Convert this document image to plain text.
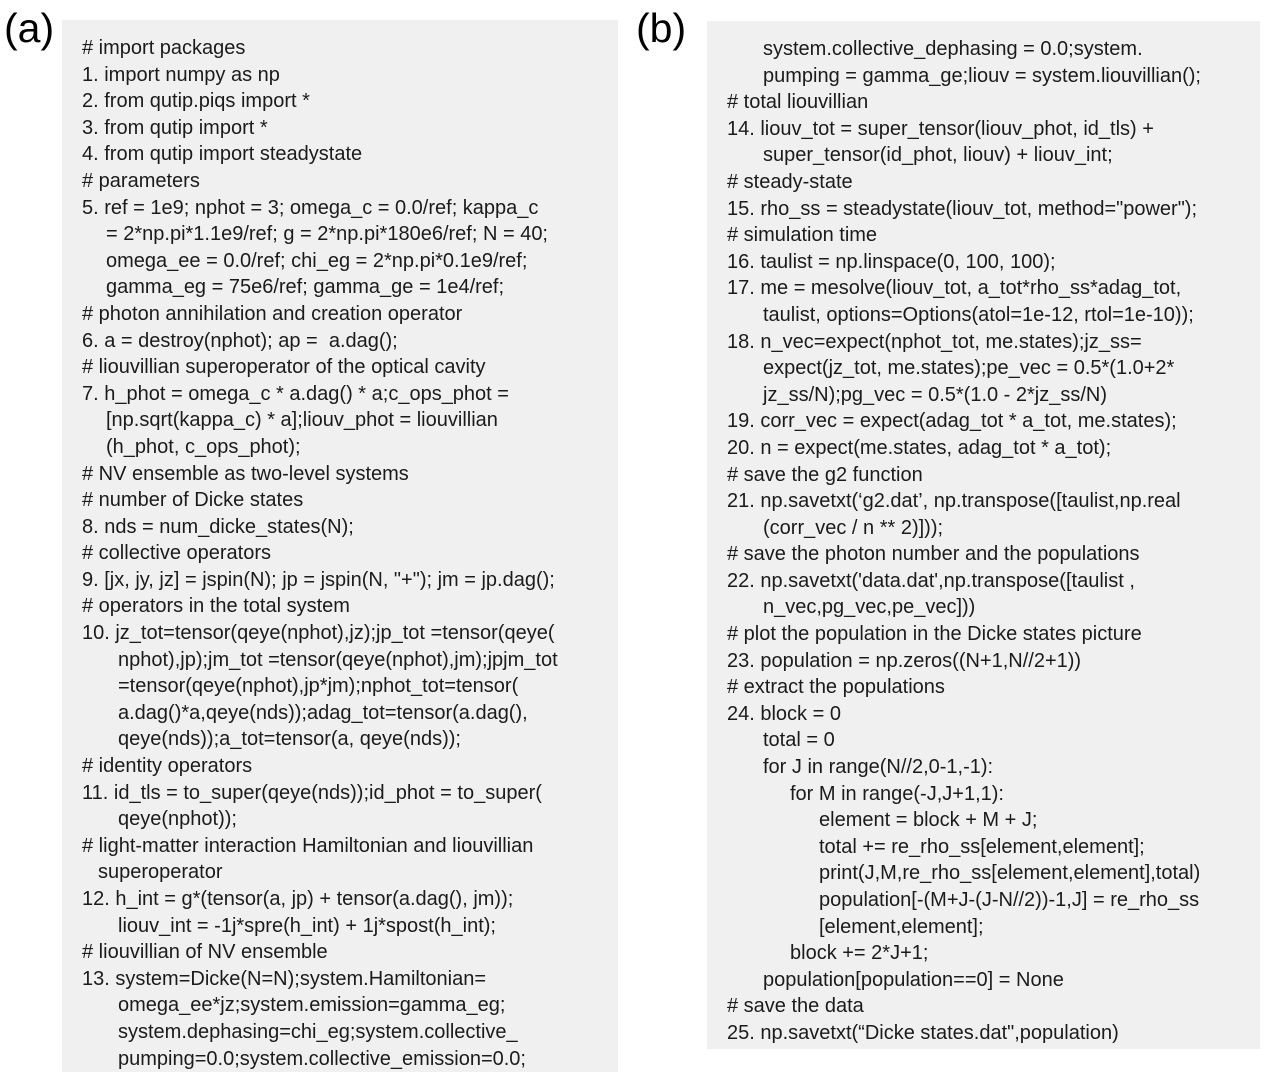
(a) # import packages
1. import numpy as np
2. from qutip.piqs import *
3. from qutip import *
4. from qutip import steadystate
# parameters
5. ref = 1e9; nphot = 3; omega_c = 0.0/ref; kappa_c
= 2*np.pi*1.1e9/ref; g = 2*np.pi*180e6/ref; N = 40;
omega_ee = 0.0/ref; chi_eg = 2*np.pi*0.1e9/ref;
gamma_eg = 75e6/ref; gamma_ge = 1e4/ref;
# photon annihilation and creation operator
6. a = destroy(nphot); ap =  a.dag();
# liouvillian superoperator of the optical cavity
7. h_phot = omega_c * a.dag() * a;c_ops_phot =
[np.sqrt(kappa_c) * a];liouv_phot = liouvillian
(h_phot, c_ops_phot);
# NV ensemble as two-level systems
# number of Dicke states
8. nds = num_dicke_states(N);
# collective operators
9. [jx, jy, jz] = jspin(N); jp = jspin(N, "+"); jm = jp.dag();
# operators in the total system
10. jz_tot=tensor(qeye(nphot),jz);jp_tot =tensor(qeye(
nphot),jp);jm_tot =tensor(qeye(nphot),jm);jpjm_tot
=tensor(qeye(nphot),jp*jm);nphot_tot=tensor(
a.dag()*a,qeye(nds));adag_tot=tensor(a.dag(),
qeye(nds));a_tot=tensor(a, qeye(nds));
# identity operators
11. id_tls = to_super(qeye(nds));id_phot = to_super(
qeye(nphot));
# light-matter interaction Hamiltonian and liouvillian
superoperator
12. h_int = g*(tensor(a, jp) + tensor(a.dag(), jm));
liouv_int = -1j*spre(h_int) + 1j*spost(h_int);
# liouvillian of NV ensemble
13. system=Dicke(N=N);system.Hamiltonian=
omega_ee*jz;system.emission=gamma_eg;
system.dephasing=chi_eg;system.collective_
pumping=0.0;system.collective_emission=0.0;
(b)	system.collective_dephasing = 0.0;system.
pumping = gamma_ge;liouv = system.liouvillian();
# total liouvillian
14. liouv_tot = super_tensor(liouv_phot, id_tls) +
super_tensor(id_phot, liouv) + liouv_int;
# steady-state
15. rho_ss = steadystate(liouv_tot, method="power");
# simulation time
16. taulist = np.linspace(0, 100, 100);
17. me = mesolve(liouv_tot, a_tot*rho_ss*adag_tot,
taulist, options=Options(atol=1e-12, rtol=1e-10));
18. n_vec=expect(nphot_tot, me.states);jz_ss=
expect(jz_tot, me.states);pe_vec = 0.5*(1.0+2*
jz_ss/N);pg_vec = 0.5*(1.0 - 2*jz_ss/N)
19. corr_vec = expect(adag_tot * a_tot, me.states);
20. n = expect(me.states, adag_tot * a_tot);
# save the g2 function
21. np.savetxt(‘g2.dat’, np.transpose([taulist,np.real
(corr_vec / n ** 2)]));
# save the photon number and the populations
22. np.savetxt('data.dat',np.transpose([taulist ,
n_vec,pg_vec,pe_vec]))
# plot the population in the Dicke states picture
23. population = np.zeros((N+1,N//2+1))
# extract the populations
24. block = 0
total = 0
for J in range(N//2,0-1,-1):
for M in range(-J,J+1,1):
element = block + M + J;
total += re_rho_ss[element,element];
print(J,M,re_rho_ss[element,element],total)
population[-(M+J-(J-N//2))-1,J] = re_rho_ss
[element,element];
block += 2*J+1;
population[population==0] = None
# save the data
25. np.savetxt(“Dicke states.dat",population)
